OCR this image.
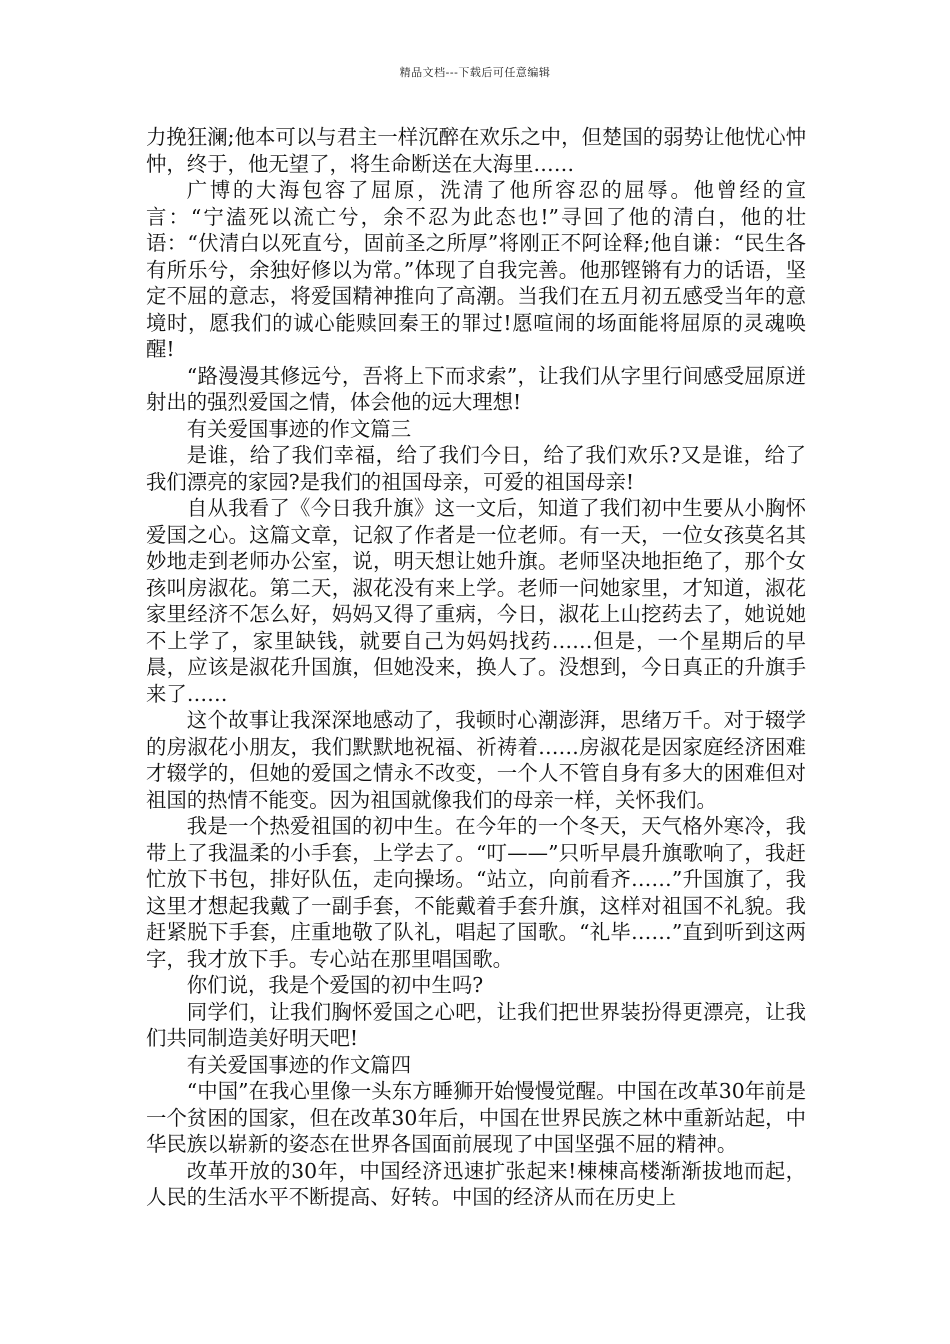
精品文档---下载后可任意编辑

力挽狂澜;他本可以与君主一样沉醉在欢乐之中，但楚国的弱势让他忧心忡忡，终于，他无望了，将生命断送在大海里……

广博的大海包容了屈原，洗清了他所容忍的屈辱。他曾经的宣言：“宁溘死以流亡兮，余不忍为此态也!”寻回了他的清白，他的壮语：“伏清白以死直兮，固前圣之所厚”将刚正不阿诠释;他自谦：“民生各有所乐兮，余独好修以为常。”体现了自我完善。他那铿锵有力的话语，坚定不屈的意志，将爱国精神推向了高潮。当我们在五月初五感受当年的意境时，愿我们的诚心能赎回秦王的罪过!愿喧闹的场面能将屈原的灵魂唤醒!

“路漫漫其修远兮，吾将上下而求索”，让我们从字里行间感受屈原迸射出的强烈爱国之情，体会他的远大理想!

有关爱国事迹的作文篇三

是谁，给了我们幸福，给了我们今日，给了我们欢乐?又是谁，给了我们漂亮的家园?是我们的祖国母亲，可爱的祖国母亲!

自从我看了《今日我升旗》这一文后，知道了我们初中生要从小胸怀爱国之心。这篇文章，记叙了作者是一位老师。有一天，一位女孩莫名其妙地走到老师办公室，说，明天想让她升旗。老师坚决地拒绝了，那个女孩叫房淑花。第二天，淑花没有来上学。老师一问她家里，才知道，淑花家里经济不怎么好，妈妈又得了重病，今日，淑花上山挖药去了，她说她不上学了，家里缺钱，就要自己为妈妈找药……但是，一个星期后的早晨，应该是淑花升国旗，但她没来，换人了。没想到，今日真正的升旗手来了……

这个故事让我深深地感动了，我顿时心潮澎湃，思绪万千。对于辍学的房淑花小朋友，我们默默地祝福、祈祷着……房淑花是因家庭经济困难才辍学的，但她的爱国之情永不改变，一个人不管自身有多大的困难但对祖国的热情不能变。因为祖国就像我们的母亲一样，关怀我们。

我是一个热爱祖国的初中生。在今年的一个冬天，天气格外寒冷，我带上了我温柔的小手套，上学去了。“叮——”只听早晨升旗歌响了，我赶忙放下书包，排好队伍，走向操场。“站立，向前看齐……”升国旗了，我这里才想起我戴了一副手套，不能戴着手套升旗，这样对祖国不礼貌。我赶紧脱下手套，庄重地敬了队礼，唱起了国歌。“礼毕……”直到听到这两字，我才放下手。专心站在那里唱国歌。

你们说，我是个爱国的初中生吗?

同学们，让我们胸怀爱国之心吧，让我们把世界装扮得更漂亮，让我们共同制造美好明天吧!

有关爱国事迹的作文篇四

“中国”在我心里像一头东方睡狮开始慢慢觉醒。中国在改革30年前是一个贫困的国家，但在改革30年后，中国在世界民族之林中重新站起，中华民族以崭新的姿态在世界各国面前展现了中国坚强不屈的精神。

改革开放的30年，中国经济迅速扩张起来!棟棟高楼渐渐拔地而起，人民的生活水平不断提高、好转。中国的经济从而在历史上
